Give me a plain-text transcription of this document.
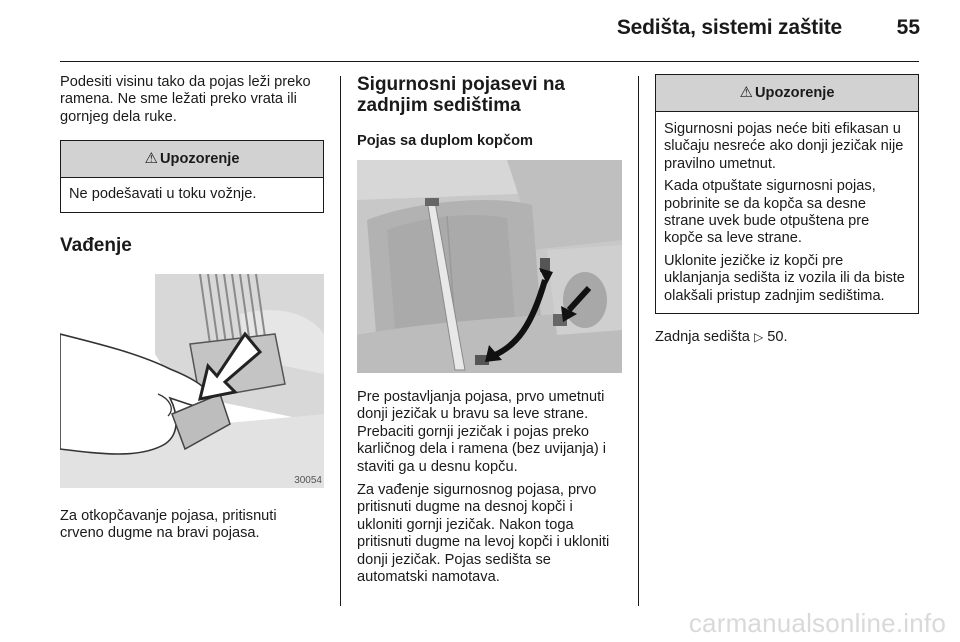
Sedišta, sistemi zaštite	55

Podesiti visinu tako da pojas leži preko ramena. Ne sme ležati preko vrata ili gornjeg dela ruke.

⚠ Upozorenje

Ne podešavati u toku vožnje.

Vađenje
30054

Za otkopčavanje pojasa, pritisnuti crveno dugme na bravi pojasa.

Sigurnosni pojasevi na zadnjim sedištima
Pojas sa duplom kopčom

Pre postavljanja pojasa, prvo umetnuti donji jezičak u bravu sa leve strane. Prebaciti gornji jezičak i pojas preko karličnog dela i ramena (bez uvijanja) i staviti ga u desnu kopču.

Za vađenje sigurnosnog pojasa, prvo pritisnuti dugme na desnoj kopči i ukloniti gornji jezičak. Nakon toga pritisnuti dugme na levoj kopči i ukloniti donji jezičak. Pojas sedišta se automatski namotava.

⚠ Upozorenje

Sigurnosni pojas neće biti efikasan u slučaju nesreće ako donji jezičak nije pravilno umetnut.

Kada otpuštate sigurnosni pojas, pobrinite se da kopča sa desne strane uvek bude otpuštena pre kopče sa leve strane.

Uklonite jezičke iz kopči pre uklanjanja sedišta iz vozila ili da biste olakšali pristup zadnjim sedištima.

Zadnja sedišta ▷ 50.

carmanualsonline.info
